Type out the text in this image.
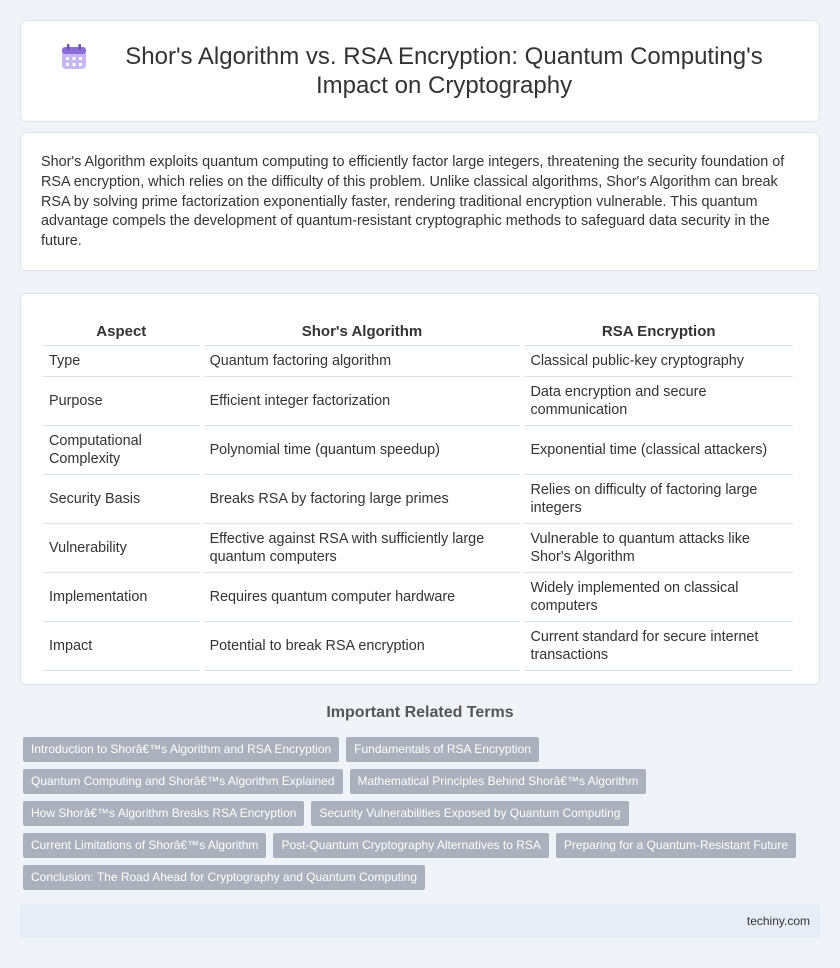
Shor's Algorithm vs. RSA Encryption: Quantum Computing's Impact on Cryptography

Shor's Algorithm exploits quantum computing to efficiently factor large integers, threatening the security foundation of RSA encryption, which relies on the difficulty of this problem. Unlike classical algorithms, Shor's Algorithm can break RSA by solving prime factorization exponentially faster, rendering traditional encryption vulnerable. This quantum advantage compels the development of quantum-resistant cryptographic methods to safeguard data security in the future.

Aspect	Shor's Algorithm	RSA Encryption
Type	Quantum factoring algorithm	Classical public-key cryptography
Purpose	Efficient integer factorization	Data encryption and secure communication
Computational Complexity	Polynomial time (quantum speedup)	Exponential time (classical attackers)
Security Basis	Breaks RSA by factoring large primes	Relies on difficulty of factoring large integers
Vulnerability	Effective against RSA with sufficiently large quantum computers	Vulnerable to quantum attacks like Shor's Algorithm
Implementation	Requires quantum computer hardware	Widely implemented on classical computers
Impact	Potential to break RSA encryption	Current standard for secure internet transactions
Important Related Terms
Introduction to Shorâ€™s Algorithm and RSA Encryption	Fundamentals of RSA Encryption
Quantum Computing and Shorâ€™s Algorithm Explained	Mathematical Principles Behind Shorâ€™s Algorithm
How Shorâ€™s Algorithm Breaks RSA Encryption	Security Vulnerabilities Exposed by Quantum Computing
Current Limitations of Shorâ€™s Algorithm	Post-Quantum Cryptography Alternatives to RSA	Preparing for a Quantum-Resistant Future
Conclusion: The Road Ahead for Cryptography and Quantum Computing
techiny.com
